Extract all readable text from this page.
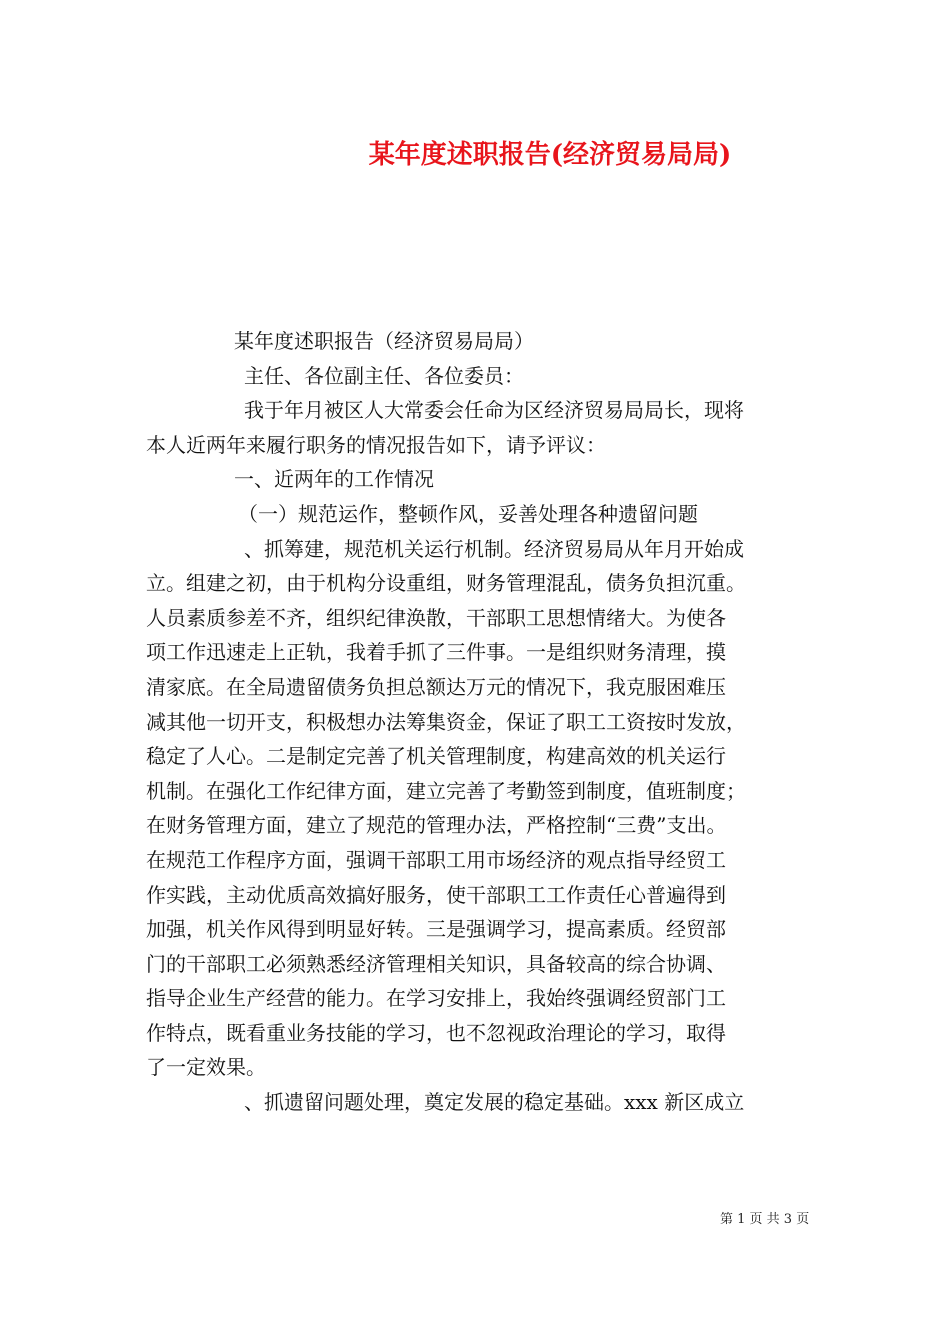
某年度述职报告(经济贸易局局)

某年度述职报告（经济贸易局局）

主任、各位副主任、各位委员：

我于年月被区人大常委会任命为区经济贸易局局长，现将

本人近两年来履行职务的情况报告如下，请予评议：

一、近两年的工作情况

（一）规范运作，整顿作风，妥善处理各种遗留问题

、抓筹建，规范机关运行机制。经济贸易局从年月开始成

立。组建之初，由于机构分设重组，财务管理混乱，债务负担沉重。

人员素质参差不齐，组织纪律涣散，干部职工思想情绪大。为使各

项工作迅速走上正轨，我着手抓了三件事。一是组织财务清理，摸

清家底。在全局遗留债务负担总额达万元的情况下，我克服困难压

减其他一切开支，积极想办法筹集资金，保证了职工工资按时发放，

稳定了人心。二是制定完善了机关管理制度，构建高效的机关运行

机制。在强化工作纪律方面，建立完善了考勤签到制度，值班制度；

在财务管理方面，建立了规范的管理办法，严格控制“三费”支出。

在规范工作程序方面，强调干部职工用市场经济的观点指导经贸工

作实践，主动优质高效搞好服务，使干部职工工作责任心普遍得到

加强，机关作风得到明显好转。三是强调学习，提高素质。经贸部

门的干部职工必须熟悉经济管理相关知识，具备较高的综合协调、

指导企业生产经营的能力。在学习安排上，我始终强调经贸部门工

作特点，既看重业务技能的学习，也不忽视政治理论的学习，取得

了一定效果。

、抓遗留问题处理，奠定发展的稳定基础。xxx 新区成立

第 1 页 共 3 页
